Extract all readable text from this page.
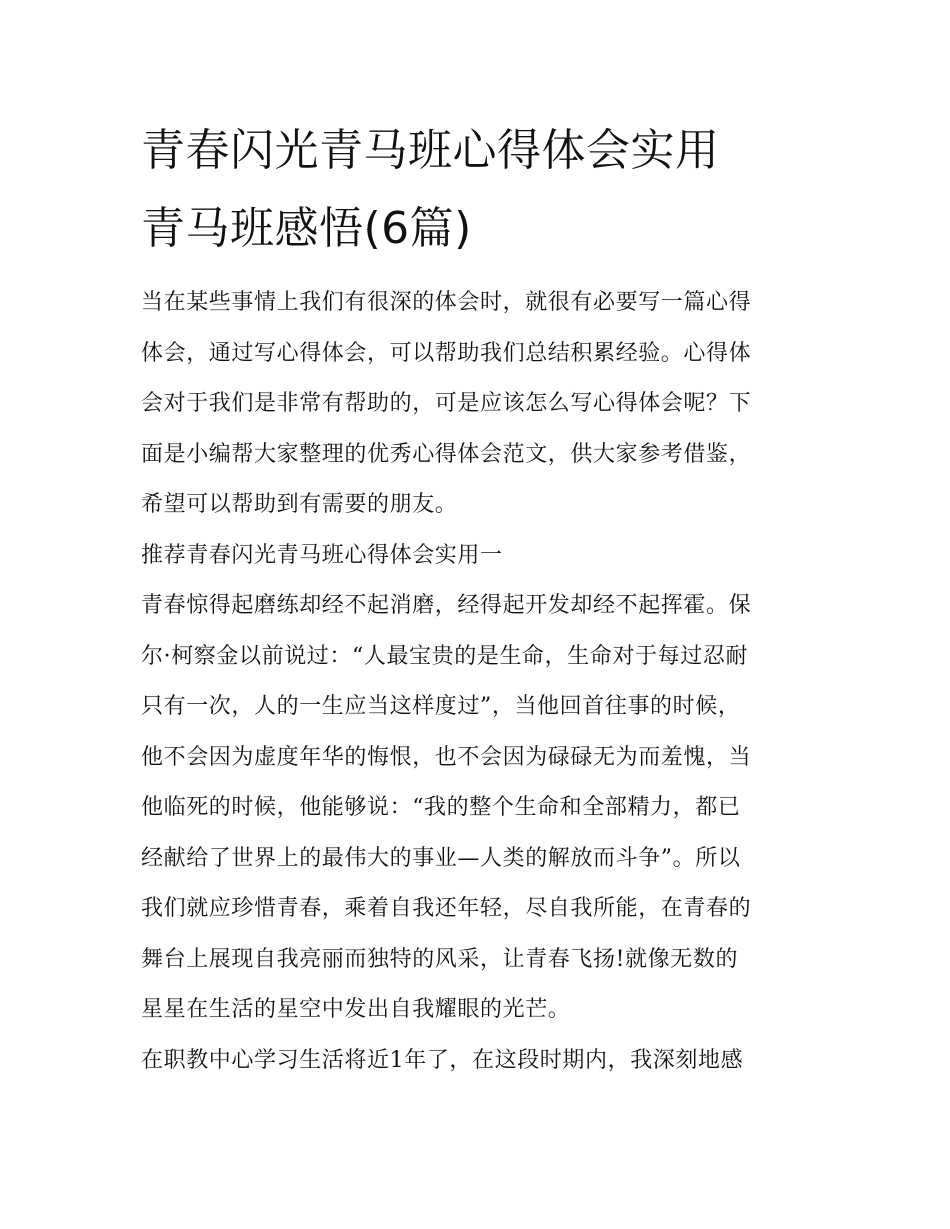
青春闪光青马班心得体会实用
青马班感悟(6篇)

当在某些事情上我们有很深的体会时，就很有必要写一篇心得
体会，通过写心得体会，可以帮助我们总结积累经验。心得体
会对于我们是非常有帮助的，可是应该怎么写心得体会呢？下
面是小编帮大家整理的优秀心得体会范文，供大家参考借鉴，
希望可以帮助到有需要的朋友。

推荐青春闪光青马班心得体会实用一

青春惊得起磨练却经不起消磨，经得起开发却经不起挥霍。保
尔·柯察金以前说过：“人最宝贵的是生命，生命对于每过忍耐
只有一次，人的一生应当这样度过”，当他回首往事的时候，
他不会因为虚度年华的悔恨，也不会因为碌碌无为而羞愧，当
他临死的时候，他能够说：“我的整个生命和全部精力，都已
经献给了世界上的最伟大的事业—人类的解放而斗争”。所以
我们就应珍惜青春，乘着自我还年轻，尽自我所能，在青春的
舞台上展现自我亮丽而独特的风采，让青春飞扬!就像无数的
星星在生活的星空中发出自我耀眼的光芒。

在职教中心学习生活将近1年了，在这段时期内，我深刻地感
